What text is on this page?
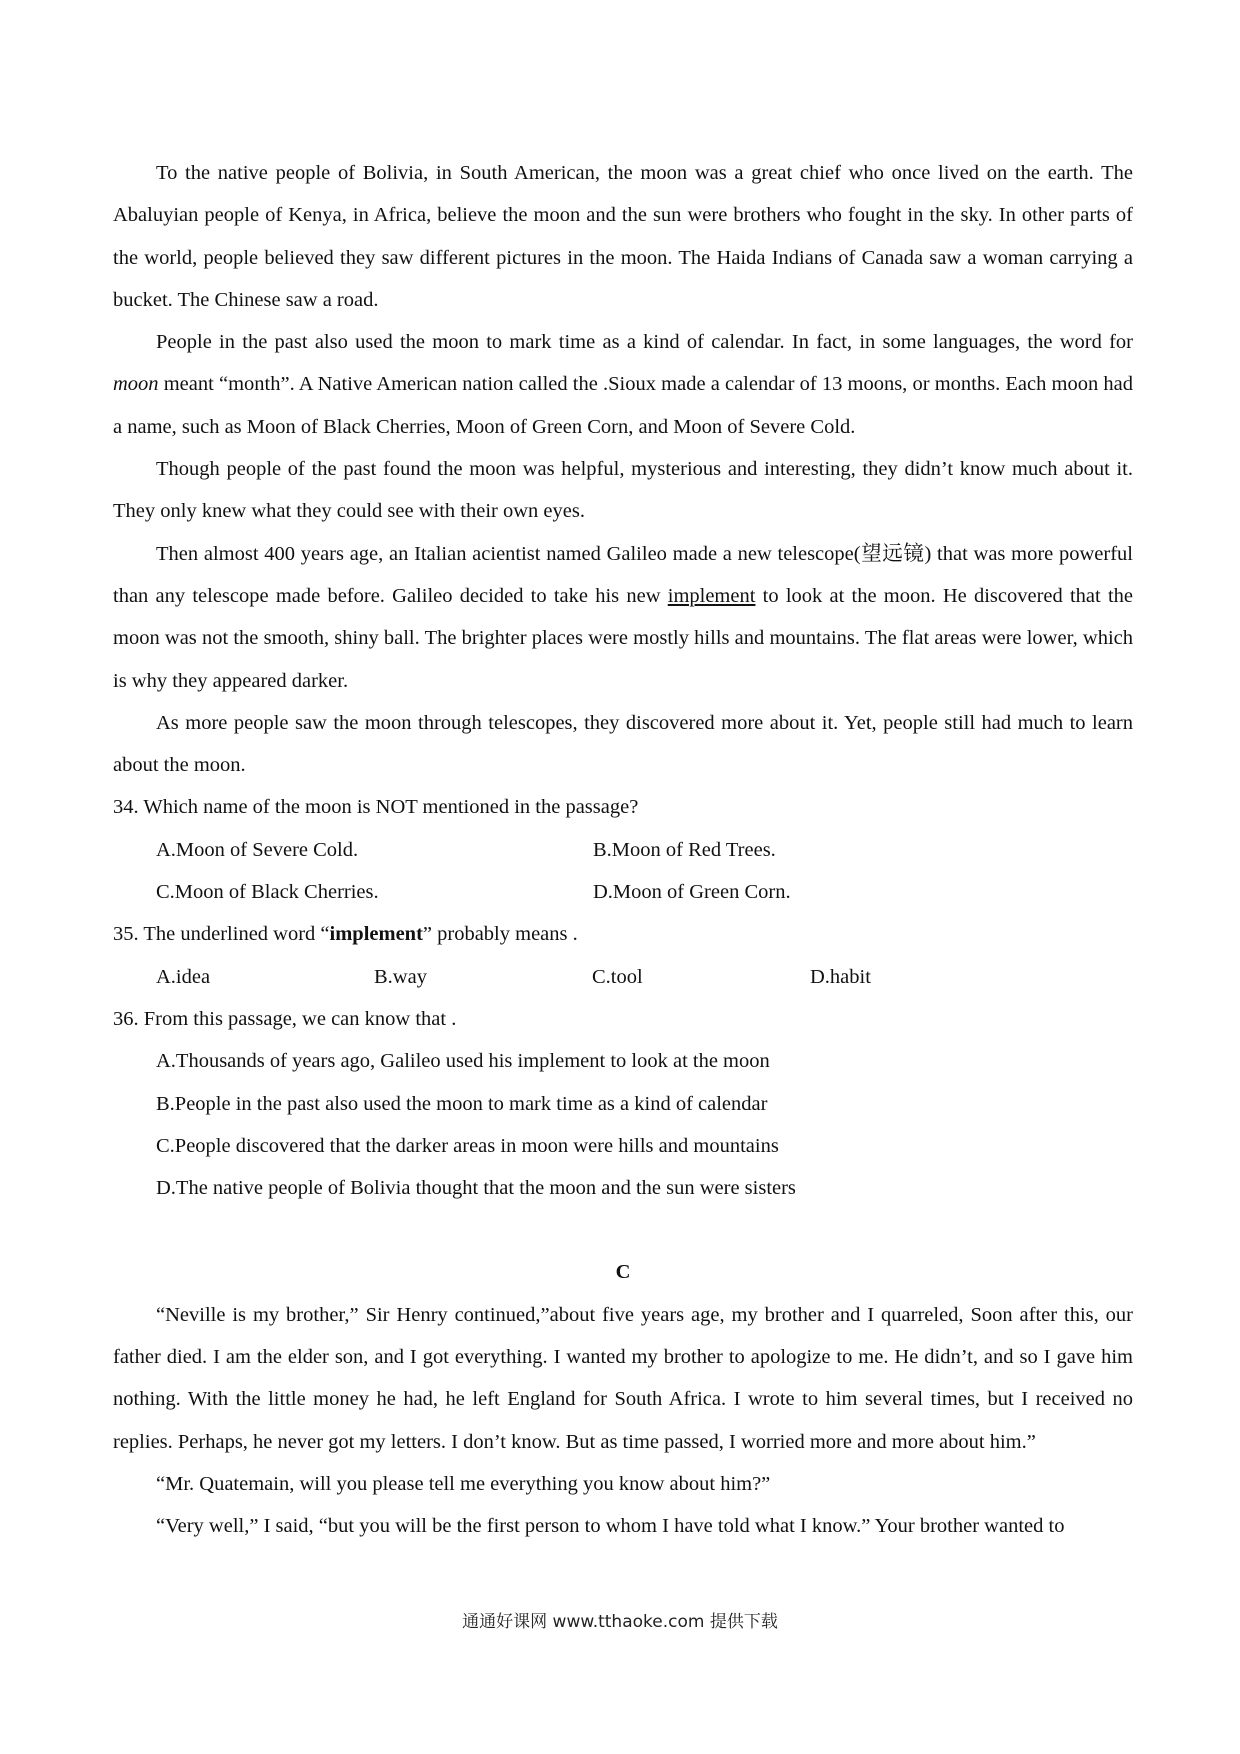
To the native people of Bolivia, in South American, the moon was a great chief who once lived on the earth. The Abaluyian people of Kenya, in Africa, believe the moon and the sun were brothers who fought in the sky. In other parts of the world, people believed they saw different pictures in the moon. The Haida Indians of Canada saw a woman carrying a bucket. The Chinese saw a road.

People in the past also used the moon to mark time as a kind of calendar. In fact, in some languages, the word for moon meant “month”. A Native American nation called the .Sioux made a calendar of 13 moons, or months. Each moon had a name, such as Moon of Black Cherries, Moon of Green Corn, and Moon of Severe Cold.

Though people of the past found the moon was helpful, mysterious and interesting, they didn’t know much about it. They only knew what they could see with their own eyes.

Then almost 400 years age, an Italian acientist named Galileo made a new telescope(望远镜) that was more powerful than any telescope made before. Galileo decided to take his new implement to look at the moon. He discovered that the moon was not the smooth, shiny ball. The brighter places were mostly hills and mountains. The flat areas were lower, which is why they appeared darker.

As more people saw the moon through telescopes, they discovered more about it. Yet, people still had much to learn about the moon.

34. Which name of the moon is NOT mentioned in the passage?

A.Moon of Severe Cold.	B.Moon of Red Trees.
C.Moon of Black Cherries.	D.Moon of Green Corn.

35. The underlined word “implement” probably means .

A.idea	B.way	C.tool	D.habit

36. From this passage, we can know that .

A.Thousands of years ago, Galileo used his implement to look at the moon

B.People in the past also used the moon to mark time as a kind of calendar

C.People discovered that the darker areas in moon were hills and mountains

D.The native people of Bolivia thought that the moon and the sun were sisters

C

“Neville is my brother,” Sir Henry continued,”about five years age, my brother and I quarreled, Soon after this, our father died. I am the elder son, and I got everything. I wanted my brother to apologize to me. He didn’t, and so I gave him nothing. With the little money he had, he left England for South Africa. I wrote to him several times, but I received no replies. Perhaps, he never got my letters. I don’t know. But as time passed, I worried more and more about him.”

“Mr. Quatemain, will you please tell me everything you know about him?”

“Very well,” I said, “but you will be the first person to whom I have told what I know.” Your brother wanted to

通通好课网 www.tthaoke.com 提供下载
